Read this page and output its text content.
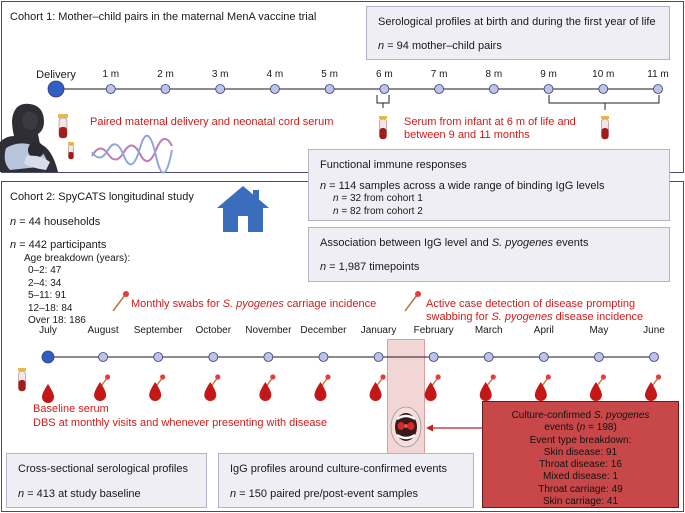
Cohort 1: Mother–child pairs in the maternal MenA vaccine trial	Serological profiles at birth and during the first year of life
n = 94 mother–child pairs
Delivery	1 m	2 m	3 m	4 m	5 m	6 m	7 m	8 m	9 m	10 m	11 m
Paired maternal delivery and neonatal cord serum	Serum from infant at 6 m of life and
between 9 and 11 months
Functional immune responses
n = 114 samples across a wide range of binding IgG levels
n = 32 from cohort 1
n = 82 from cohort 2
Cohort 2: SpyCATS longitudinal study
n = 44 households
n = 442 participants
Age breakdown (years):
0–2: 47
2–4: 34
5–11: 91
12–18: 84
Over 18: 186
Association between IgG level and S. pyogenes events
n = 1,987 timepoints
Monthly swabs for S. pyogenes carriage incidence	Active case detection of disease prompting
swabbing for S. pyogenes disease incidence
July	August September October November December January February March	April	May	June
Baseline serum
DBS at monthly visits and whenever presenting with disease
Culture-confirmed S. pyogenes
events (n = 198)
Event type breakdown:
Skin disease: 91
Throat disease: 16
Mixed disease: 1
Throat carriage: 49
Skin carriage: 41
Cross-sectional serological profiles
n = 413 at study baseline
IgG profiles around culture-confirmed events
n = 150 paired pre/post-event samples
